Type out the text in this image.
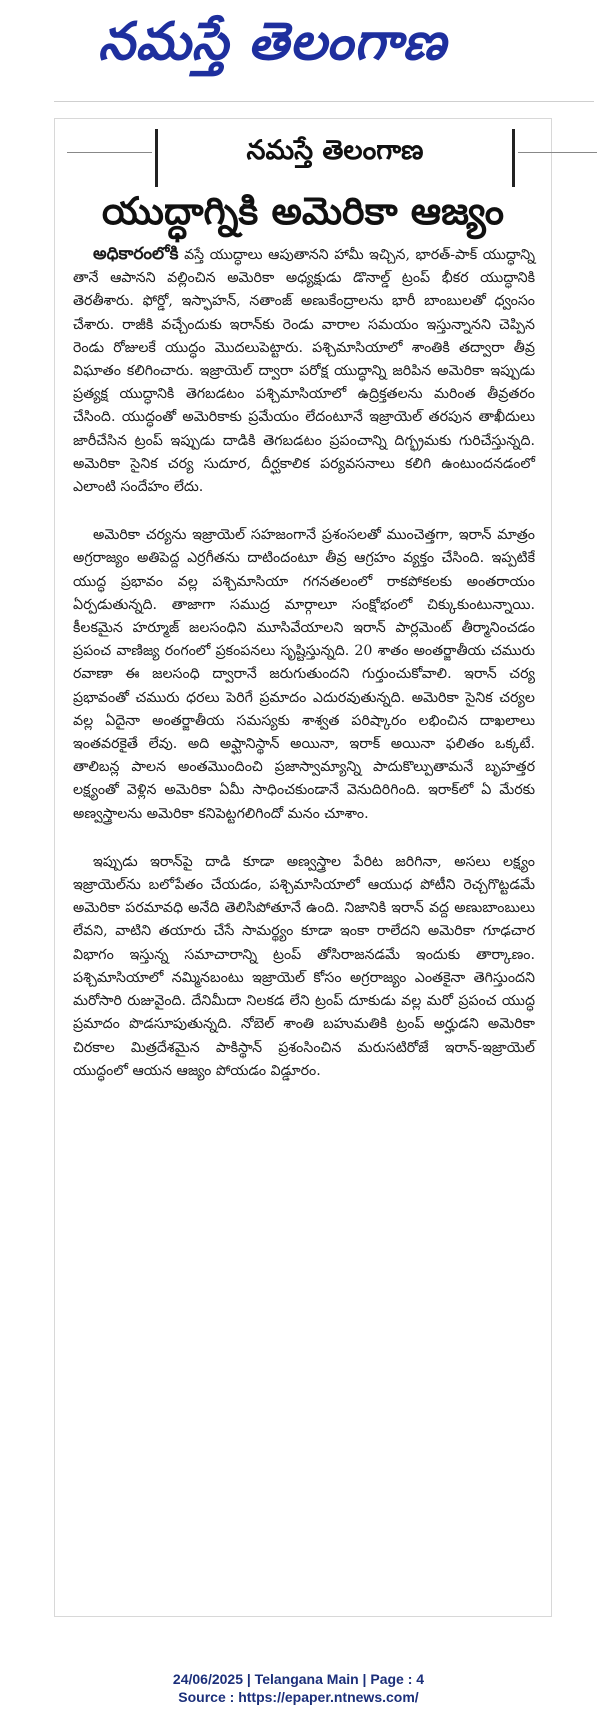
నమస్తే తెలంగాణ
నమస్తే తెలంగాణ
యుద్ధాగ్నికి అమెరికా ఆజ్యం

అధికారంలోకి వస్తే యుద్ధాలు ఆపుతానని హామీ ఇచ్చిన, భారత్-పాక్ యుద్ధాన్ని తానే ఆపానని వల్లించిన అమెరికా అధ్యక్షుడు డొనాల్డ్ ట్రంప్ భీకర యుద్ధానికి తెరతీశారు. ఫోర్డో, ఇస్ఫాహన్, నతాంజ్ అణుకేంద్రాలను భారీ బాంబులతో ధ్వంసం చేశారు. రాజీకి వచ్చేందుకు ఇరాన్‌కు రెండు వారాల సమయం ఇస్తున్నానని చెప్పిన రెండు రోజులకే యుద్ధం మొదలుపెట్టారు. పశ్చిమాసియాలో శాంతికి తద్వారా తీవ్ర విఘాతం కలిగించారు. ఇజ్రాయెల్ ద్వారా పరోక్ష యుద్ధాన్ని జరిపిన అమెరికా ఇప్పుడు ప్రత్యక్ష యుద్ధానికి తెగబడటం పశ్చిమాసియాలో ఉద్రిక్తతలను మరింత తీవ్రతరం చేసింది. యుద్ధంతో అమెరికాకు ప్రమేయం లేదంటూనే ఇజ్రాయెల్ తరపున తాఖీదులు జారీచేసిన ట్రంప్ ఇప్పుడు దాడికి తెగబడటం ప్రపంచాన్ని దిగ్భ్రమకు గురిచేస్తున్నది. అమెరికా సైనిక చర్య సుదూర, దీర్ఘకాలిక పర్యవసనాలు కలిగి ఉంటుందనడంలో ఎలాంటి సందేహం లేదు.

అమెరికా చర్యను ఇజ్రాయెల్ సహజంగానే ప్రశంసలతో ముంచెత్తగా, ఇరాన్ మాత్రం అగ్రరాజ్యం అతిపెద్ద ఎర్రగీతను దాటిందంటూ తీవ్ర ఆగ్రహం వ్యక్తం చేసింది. ఇప్పటికే యుద్ధ ప్రభావం వల్ల పశ్చిమాసియా గగనతలంలో రాకపోకలకు అంతరాయం ఏర్పడుతున్నది. తాజాగా సముద్ర మార్గాలూ సంక్షోభంలో చిక్కుకుంటున్నాయి. కీలకమైన హర్మూజ్ జలసంధిని మూసివేయాలని ఇరాన్ పార్లమెంట్ తీర్మానించడం ప్రపంచ వాణిజ్య రంగంలో ప్రకంపనలు సృష్టిస్తున్నది. 20 శాతం అంతర్జాతీయ చమురు రవాణా ఈ జలసంధి ద్వారానే జరుగుతుందని గుర్తుంచుకోవాలి. ఇరాన్ చర్య ప్రభావంతో చమురు ధరలు పెరిగే ప్రమాదం ఎదురవుతున్నది. అమెరికా సైనిక చర్యల వల్ల ఏదైనా అంతర్జాతీయ సమస్యకు శాశ్వత పరిష్కారం లభించిన దాఖలాలు ఇంతవరకైతే లేవు. అది అఫ్ఘానిస్థాన్ అయినా, ఇరాక్ అయినా ఫలితం ఒక్కటే. తాలిబన్ల పాలన అంతమొందించి ప్రజాస్వామ్యాన్ని పాదుకొల్పుతామనే బృహత్తర లక్ష్యంతో వెళ్లిన అమెరికా ఏమీ సాధించకుండానే వెనుదిరిగింది. ఇరాక్‌లో ఏ మేరకు అణ్వస్త్రాలను అమెరికా కనిపెట్టగలిగిందో మనం చూశాం.

ఇప్పుడు ఇరాన్‌పై దాడి కూడా అణ్వస్త్రాల పేరిట జరిగినా, అసలు లక్ష్యం ఇజ్రాయెల్‌ను బలోపేతం చేయడం, పశ్చిమాసియాలో ఆయుధ పోటీని రెచ్చగొట్టడమే అమెరికా పరమావధి అనేది తెలిసిపోతూనే ఉంది. నిజానికి ఇరాన్ వద్ద అణుబాంబులు లేవని, వాటిని తయారు చేసే సామర్థ్యం కూడా ఇంకా రాలేదని అమెరికా గూఢచార విభాగం ఇస్తున్న సమాచారాన్ని ట్రంప్ తోసిరాజనడమే ఇందుకు తార్కాణం. పశ్చిమాసియాలో నమ్మినబంటు ఇజ్రాయెల్ కోసం అగ్రరాజ్యం ఎంతకైనా తెగిస్తుందని మరోసారి రుజువైంది. దేనిమీదా నిలకడ లేని ట్రంప్ దూకుడు వల్ల మరో ప్రపంచ యుద్ధ ప్రమాదం పొడసూపుతున్నది. నోబెల్ శాంతి బహుమతికి ట్రంప్ అర్హుడని అమెరికా చిరకాల మిత్రదేశమైన పాకిస్థాన్ ప్రశంసించిన మరుసటిరోజే ఇరాన్-ఇజ్రాయెల్ యుద్ధంలో ఆయన ఆజ్యం పోయడం విడ్డూరం.

24/06/2025 | Telangana Main | Page : 4
Source : https://epaper.ntnews.com/
